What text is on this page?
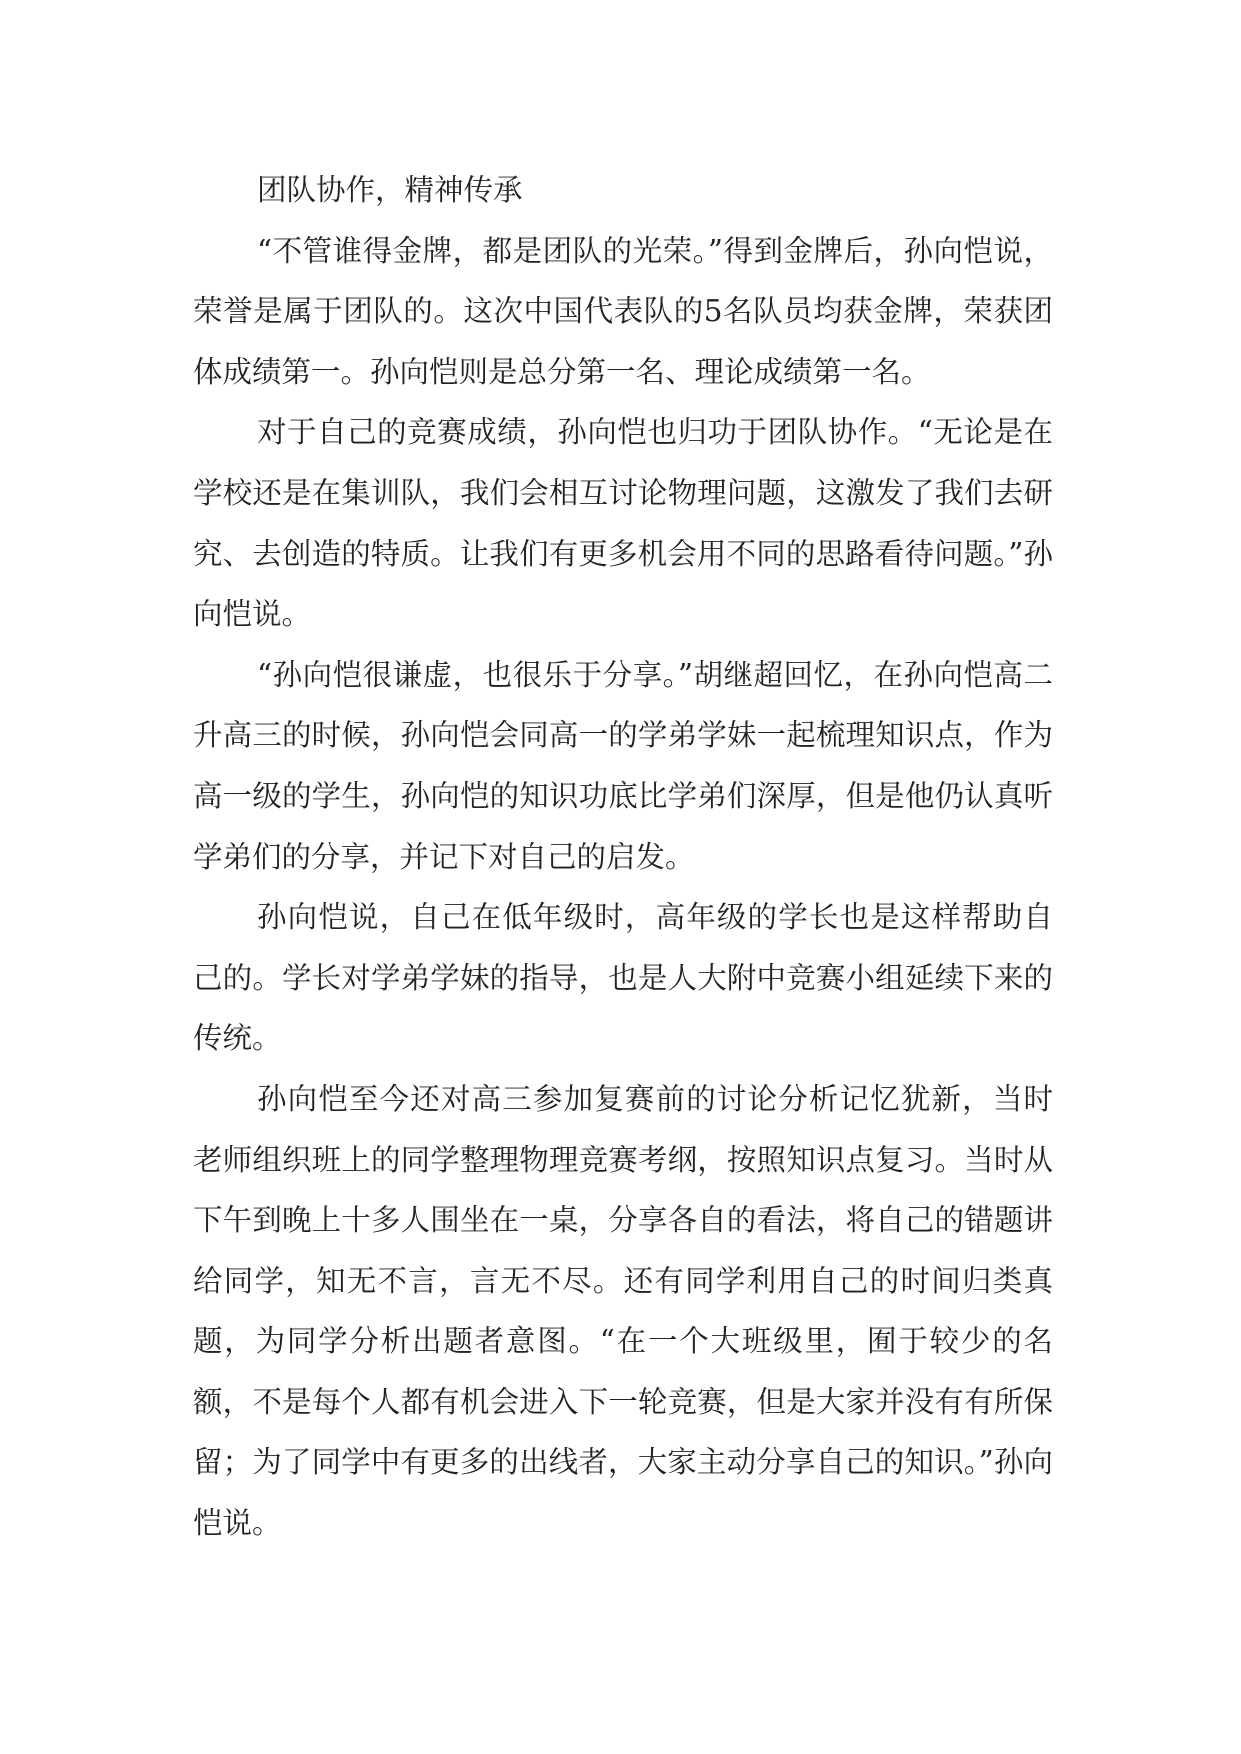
团队协作，精神传承

“不管谁得金牌，都是团队的光荣。”得到金牌后，孙向恺说，荣誉是属于团队的。这次中国代表队的5名队员均获金牌，荣获团体成绩第一。孙向恺则是总分第一名、理论成绩第一名。

对于自己的竞赛成绩，孙向恺也归功于团队协作。“无论是在学校还是在集训队，我们会相互讨论物理问题，这激发了我们去研究、去创造的特质。让我们有更多机会用不同的思路看待问题。”孙向恺说。

“孙向恺很谦虚，也很乐于分享。”胡继超回忆，在孙向恺高二升高三的时候，孙向恺会同高一的学弟学妹一起梳理知识点，作为高一级的学生，孙向恺的知识功底比学弟们深厚，但是他仍认真听学弟们的分享，并记下对自己的启发。

孙向恺说，自己在低年级时，高年级的学长也是这样帮助自己的。学长对学弟学妹的指导，也是人大附中竞赛小组延续下来的传统。

孙向恺至今还对高三参加复赛前的讨论分析记忆犹新，当时老师组织班上的同学整理物理竞赛考纲，按照知识点复习。当时从下午到晚上十多人围坐在一桌，分享各自的看法，将自己的错题讲给同学，知无不言，言无不尽。还有同学利用自己的时间归类真题，为同学分析出题者意图。“在一个大班级里，囿于较少的名额，不是每个人都有机会进入下一轮竞赛，但是大家并没有有所保留；为了同学中有更多的出线者，大家主动分享自己的知识。”孙向恺说。
